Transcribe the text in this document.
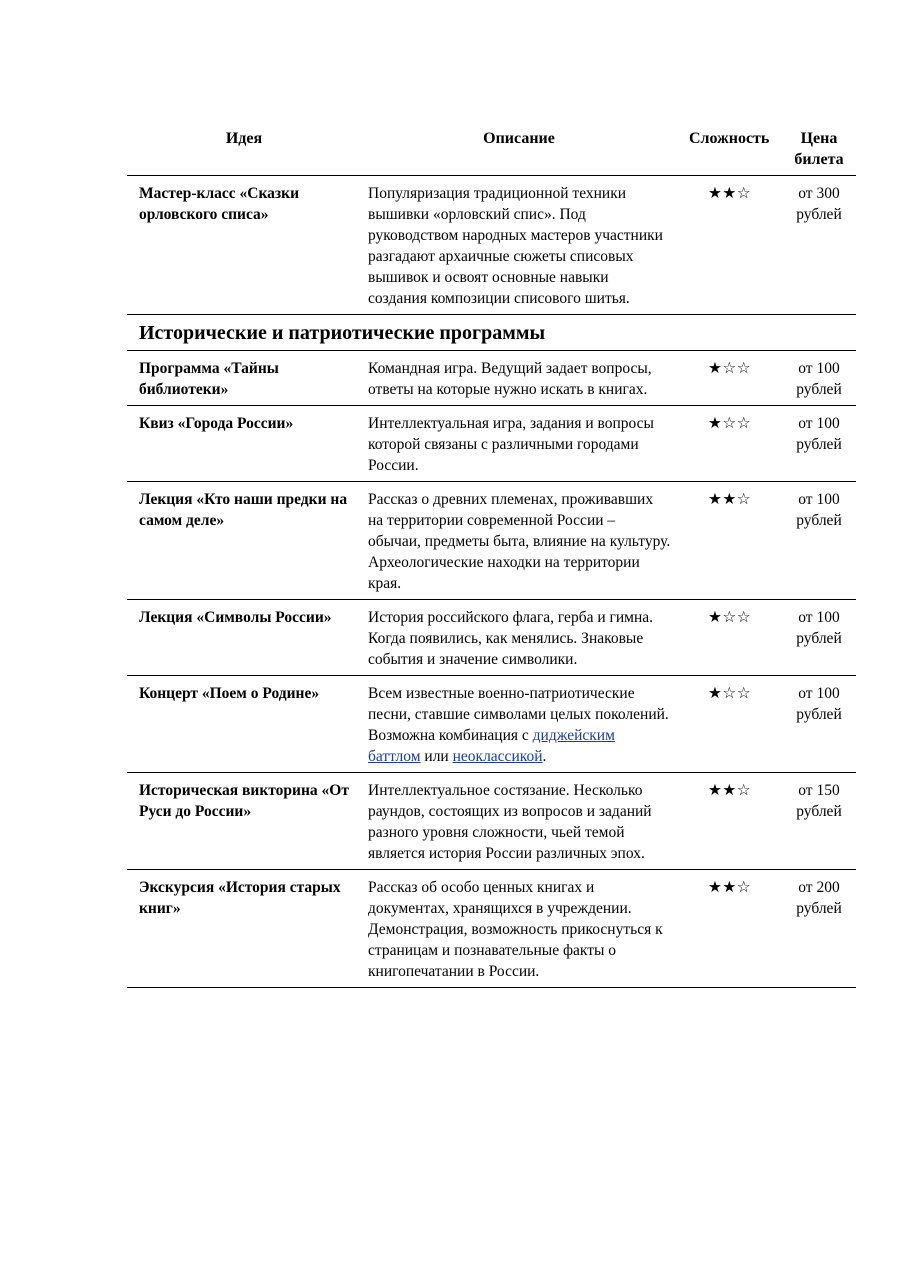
Идея	Описание	Сложность	Цена билета
Мастер-класс «Сказки орловского списа»	Популяризация традиционной техники вышивки «орловский спис». Под руководством народных мастеров участники разгадают архаичные сюжеты списовых вышивок и освоят основные навыки создания композиции списового шитья.	★★☆	от 300 рублей
Исторические и патриотические программы			
Программа «Тайны библиотеки»	Командная игра. Ведущий задает вопросы, ответы на которые нужно искать в книгах.	★☆☆	от 100 рублей
Квиз «Города России»	Интеллектуальная игра, задания и вопросы которой связаны с различными городами России.	★☆☆	от 100 рублей
Лекция «Кто наши предки на самом деле»	Рассказ о древних племенах, проживавших на территории современной России – обычаи, предметы быта, влияние на культуру. Археологические находки на территории края.	★★☆	от 100 рублей
Лекция «Символы России»	История российского флага, герба и гимна. Когда появились, как менялись. Знаковые события и значение символики.	★☆☆	от 100 рублей
Концерт «Поем о Родине»	Всем известные военно-патриотические песни, ставшие символами целых поколений. Возможна комбинация с диджейским баттлом или неоклассикой.	★☆☆	от 100 рублей
Историческая викторина «От Руси до России»	Интеллектуальное состязание. Несколько раундов, состоящих из вопросов и заданий разного уровня сложности, чьей темой является история России различных эпох.	★★☆	от 150 рублей
Экскурсия «История старых книг»	Рассказ об особо ценных книгах и документах, хранящихся в учреждении. Демонстрация, возможность прикоснуться к страницам и познавательные факты о книгопечатании в России.	★★☆	от 200 рублей
